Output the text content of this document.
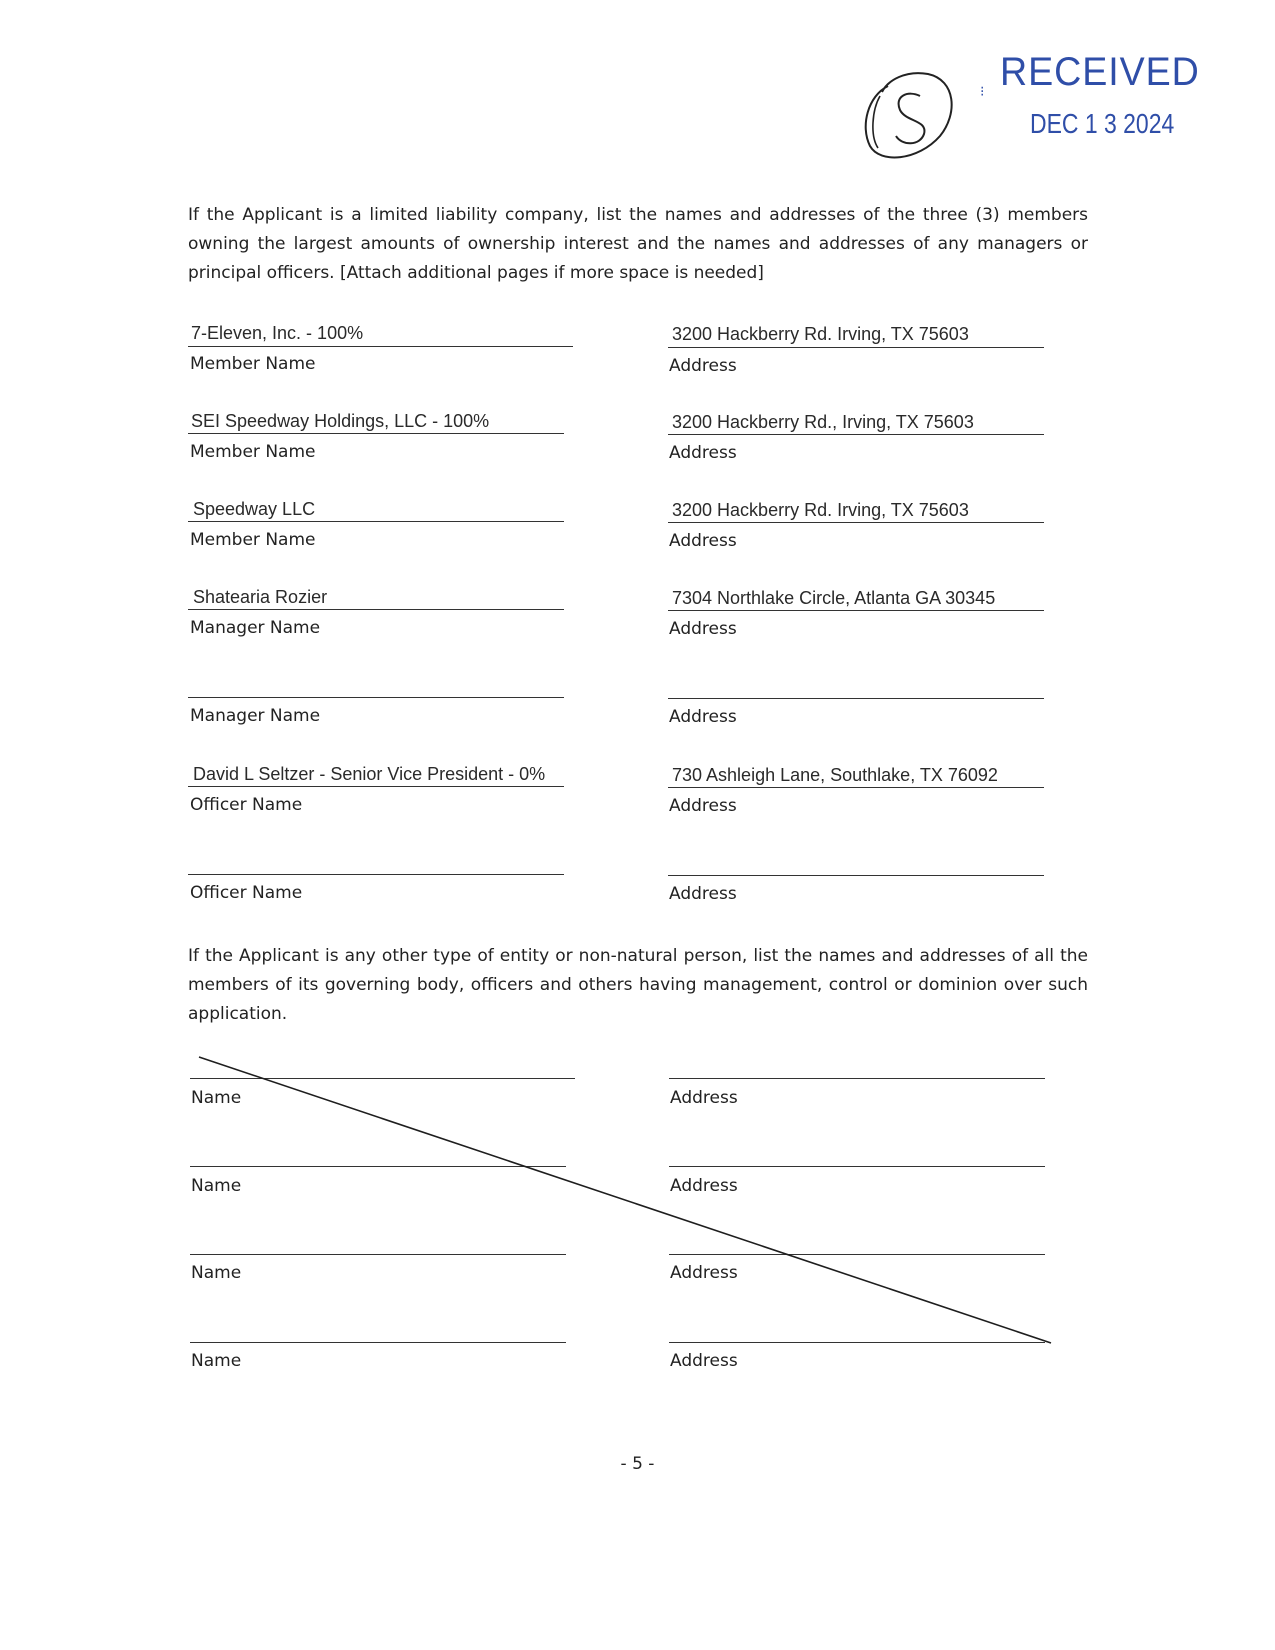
RECEIVED
DEC 1 3 2024
⁝
If the Applicant is a limited liability company, list the names and addresses of the three (3) members
owning the largest amounts of ownership interest and the names and addresses of any managers or
principal officers. [Attach additional pages if more space is needed]
7-Eleven, Inc. - 100%
Member Name
3200 Hackberry Rd. Irving, TX 75603
Address
SEI Speedway Holdings, LLC - 100%
Member Name
3200 Hackberry Rd., Irving, TX 75603
Address
Speedway LLC
Member Name
3200 Hackberry Rd. Irving, TX 75603
Address
Shatearia Rozier
Manager Name
7304 Northlake Circle, Atlanta GA 30345
Address
Manager Name	Address
David L Seltzer - Senior Vice President - 0%
Officer Name
730 Ashleigh Lane, Southlake, TX 76092
Address
Officer Name	Address
If the Applicant is any other type of entity or non-natural person, list the names and addresses of all the
members of its governing body, officers and others having management, control or dominion over such
application.
Name	Address
Name	Address
Name	Address
Name	Address
- 5 -
